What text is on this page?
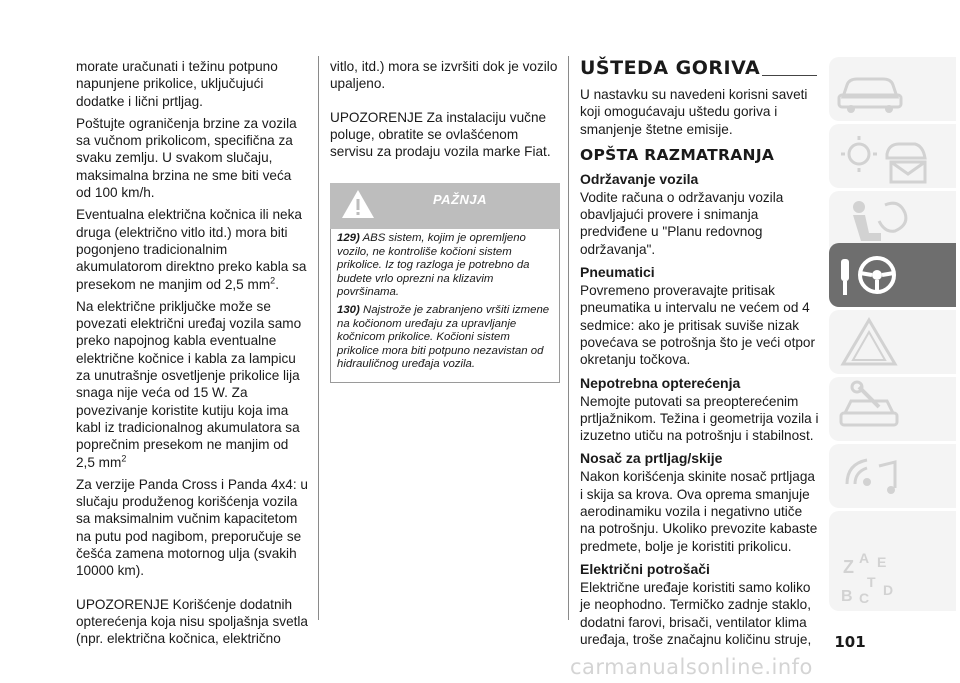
morate uračunati i težinu potpuno napunjene prikolice, uključujući dodatke i lični prtljag.

Poštujte ograničenja brzine za vozila sa vučnom prikolicom, specifična za svaku zemlju. U svakom slučaju, maksimalna brzina ne sme biti veća od 100 km/h.

Eventualna električna kočnica ili neka druga (električno vitlo itd.) mora biti pogonjeno tradicionalnim akumulatorom direktno preko kabla sa presekom ne manjim od 2,5 $mm^2$.

Na električne priključke može se povezati električni uređaj vozila samo preko napojnog kabla eventualne električne kočnice i kabla za lampicu za unutrašnje osvetljenje prikolice lija snaga nije veća od 15 W. Za povezivanje koristite kutiju koja ima kabl iz tradicionalnog akumulatora sa poprečnim presekom ne manjim od 2,5 $mm^2$

Za verzije Panda Cross i Panda 4x4: u slučaju produženog korišćenja vozila sa maksimalnim vučnim kapacitetom na putu pod nagibom, preporučuje se češća zamena motornog ulja (svakih 10000 km).

UPOZORENJE Korišćenje dodatnih opterećenja koja nisu spoljašnja svetla (npr. električna kočnica, električno

vitlo, itd.) mora se izvršiti dok je vozilo upaljeno.

UPOZORENJE Za instalaciju vučne poluge, obratite se ovlašćenom servisu za prodaju vozila marke Fiat.

PAŽNJA

129) ABS sistem, kojim je opremljeno vozilo, ne kontroliše kočioni sistem prikolice. Iz tog razloga je potrebno da budete vrlo oprezni na klizavim površinama.

130) Najstrože je zabranjeno vršiti izmene na kočionom uređaju za upravljanje kočnicom prikolice. Kočioni sistem prikolice mora biti potpuno nezavistan od hidrauličnog uređaja vozila.

UŠTEDA GORIVA

U nastavku su navedeni korisni saveti koji omogućavaju uštedu goriva i smanjenje štetne emisije.

OPŠTA RAZMATRANJA
Održavanje vozila

Vodite računa o održavanju vozila obavljajući provere i snimanja predviđene u "Planu redovnog održavanja".

Pneumatici

Povremeno proveravajte pritisak pneumatika u intervalu ne većem od 4 sedmice: ako je pritisak suviše nizak povećava se potrošnja što je veći otpor okretanju točkova.

Nepotrebna opterećenja

Nemojte putovati sa preopterećenim prtljažnikom. Težina i geometrija vozila i izuzetno utiču na potrošnju i stabilnost.

Nosač za prtljag/skije

Nakon korišćenja skinite nosač prtljaga i skija sa krova. Ova oprema smanjuje aerodinamiku vozila i negativno utiče na potrošnju. Ukoliko prevozite kabaste predmete, bolje je koristiti prikolicu.

Električni potrošači

Električne uređaje koristiti samo koliko je neophodno. Termičko zadnje staklo, dodatni farovi, brisači, ventilator klima uređaja, troše značajnu količinu struje,

Z E
B C
T D
A
101
carmanualsonline.info
